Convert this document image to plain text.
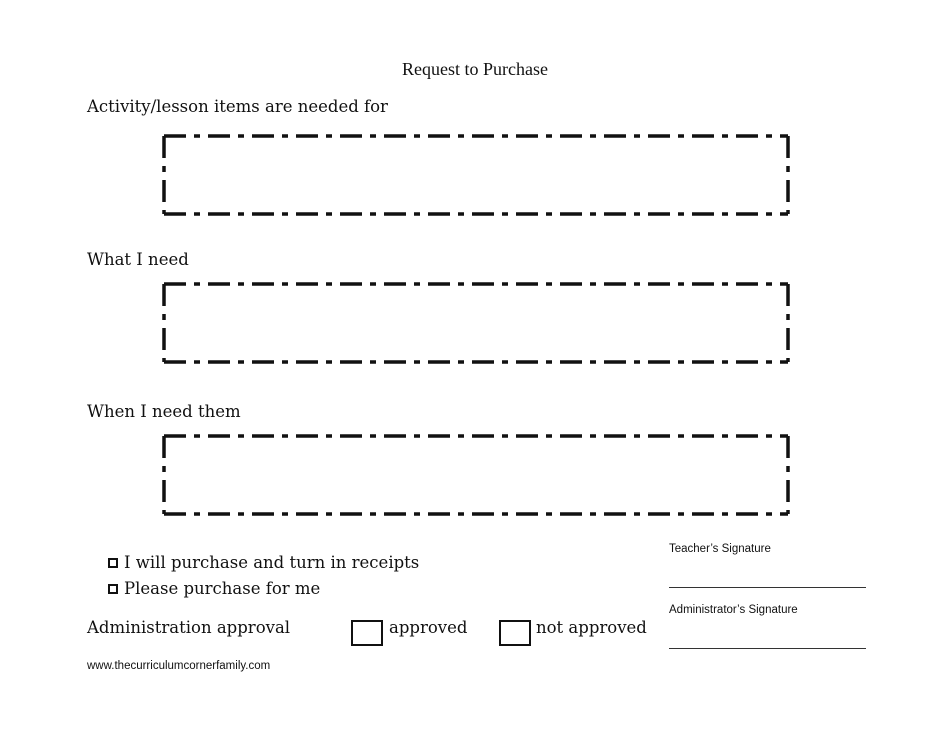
Request to Purchase
Activity/lesson items are needed for
What I need
When I need them
I will purchase and turn in receipts
Please purchase for me
Administration approval	approved	not approved
Teacher’s Signature
Administrator’s Signature
www.thecurriculumcornerfamily.com
